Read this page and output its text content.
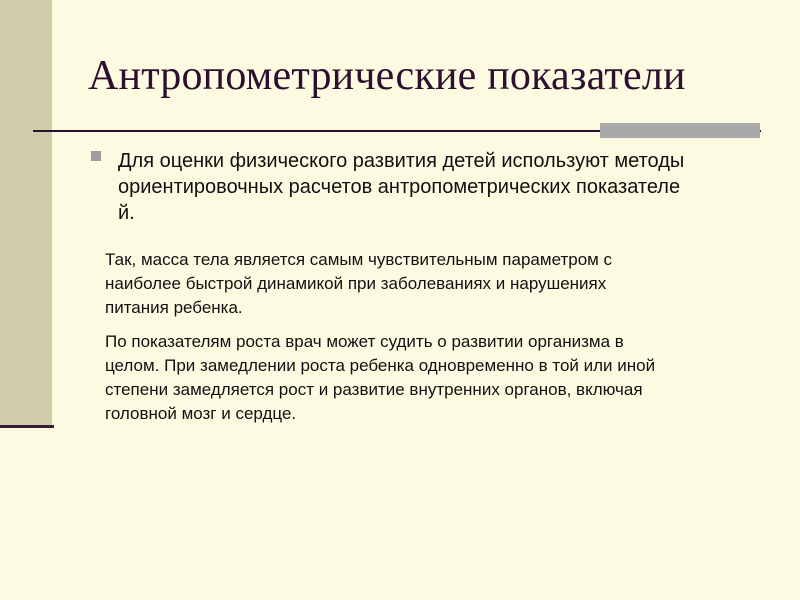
Антропометрические показатели
Для оценки физического развития детей используют методы
ориентировочных расчетов антропометрических показателе
й.
Так, масса тела является самым чувствительным параметром с
наиболее быстрой динамикой при заболеваниях и нарушениях
питания ребенка.
По показателям роста врач может судить о развитии организма в
целом. При замедлении роста ребенка одновременно в той или иной
степени замедляется рост и развитие внутренних органов, включая
головной мозг и сердце.
